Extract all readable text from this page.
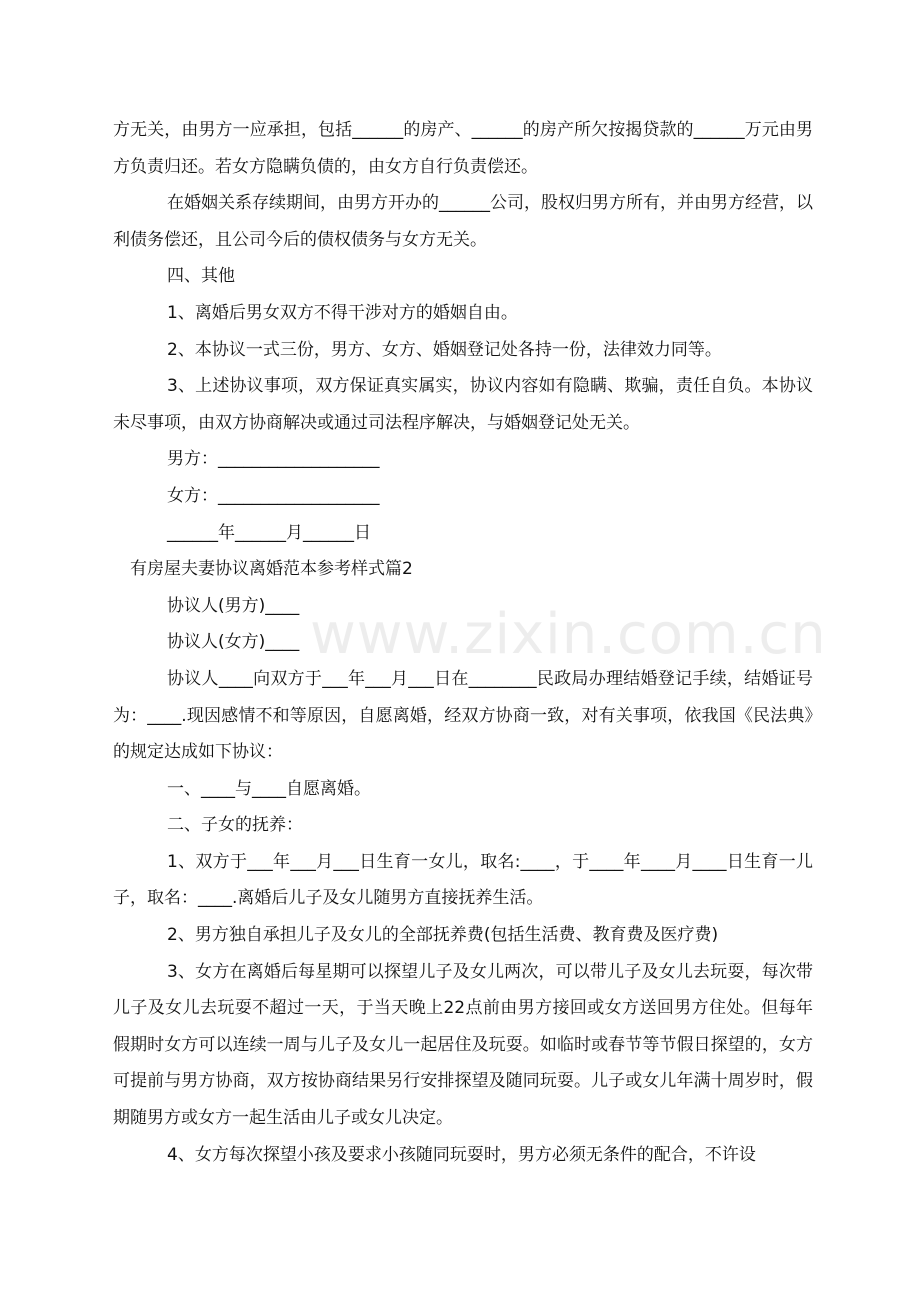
www.zixin.com.cn

方无关，由男方一应承担，包括______的房产、______的房产所欠按揭贷款的______万元由男方负责归还。若女方隐瞒负债的，由女方自行负责偿还。

在婚姻关系存续期间，由男方开办的______公司，股权归男方所有，并由男方经营，以利债务偿还，且公司今后的债权债务与女方无关。

四、其他

1、离婚后男女双方不得干涉对方的婚姻自由。

2、本协议一式三份，男方、女方、婚姻登记处各持一份，法律效力同等。

3、上述协议事项，双方保证真实属实，协议内容如有隐瞒、欺骗，责任自负。本协议未尽事项，由双方协商解决或通过司法程序解决，与婚姻登记处无关。

男方：___________________

女方：___________________

______年______月______日

有房屋夫妻协议离婚范本参考样式篇2

协议人(男方)____

协议人(女方)____

协议人____向双方于___年___月___日在________民政局办理结婚登记手续，结婚证号为：____.现因感情不和等原因，自愿离婚，经双方协商一致，对有关事项，依我国《民法典》的规定达成如下协议：

一、____与____自愿离婚。

二、子女的抚养：

1、双方于___年___月___日生育一女儿，取名:____，于____年____月____日生育一儿子，取名：____.离婚后儿子及女儿随男方直接抚养生活。

2、男方独自承担儿子及女儿的全部抚养费(包括生活费、教育费及医疗费)

3、女方在离婚后每星期可以探望儿子及女儿两次，可以带儿子及女儿去玩耍，每次带儿子及女儿去玩耍不超过一天，于当天晚上22点前由男方接回或女方送回男方住处。但每年假期时女方可以连续一周与儿子及女儿一起居住及玩耍。如临时或春节等节假日探望的，女方可提前与男方协商，双方按协商结果另行安排探望及随同玩耍。儿子或女儿年满十周岁时，假期随男方或女方一起生活由儿子或女儿决定。

4、女方每次探望小孩及要求小孩随同玩耍时，男方必须无条件的配合，不许设
